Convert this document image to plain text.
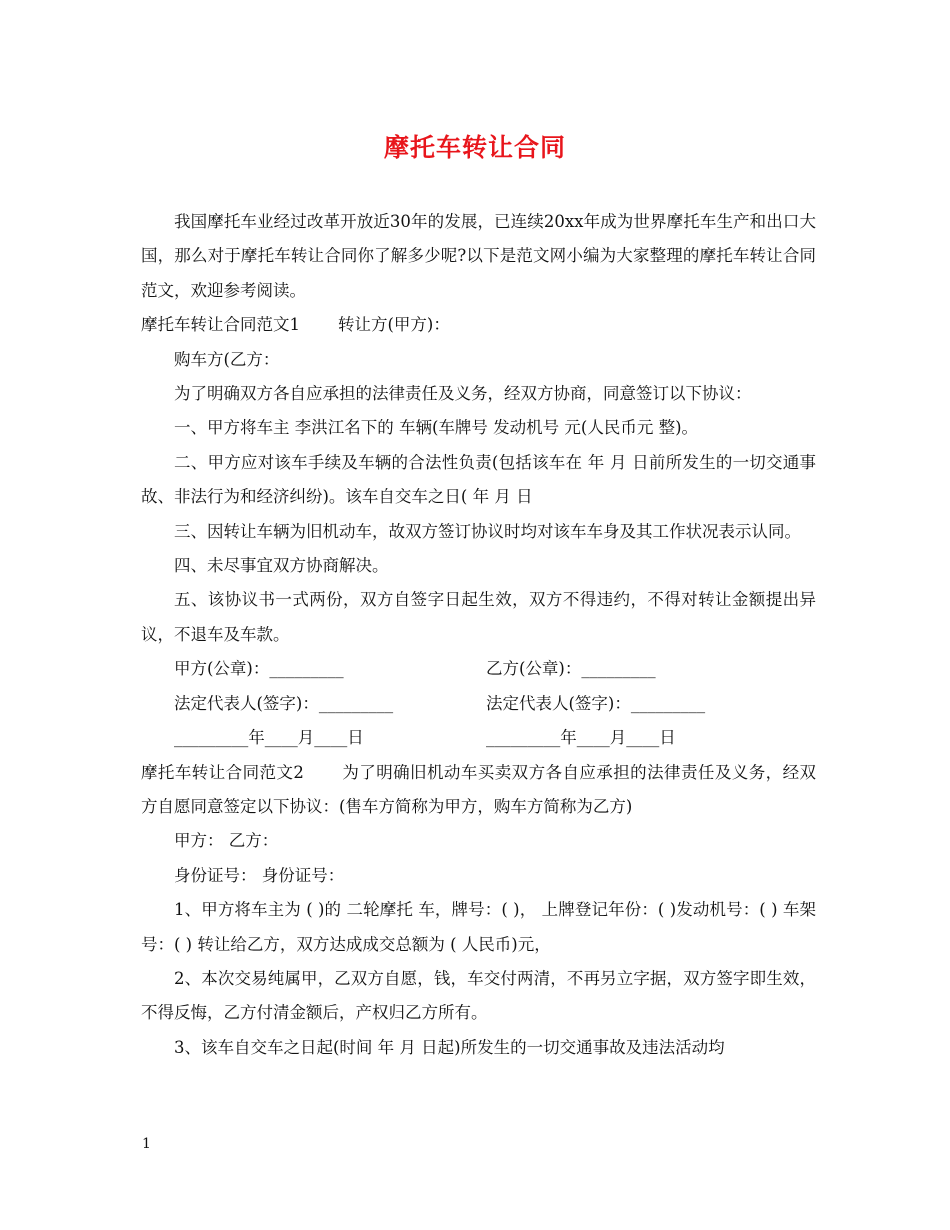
摩托车转让合同

我国摩托车业经过改革开放近30年的发展，已连续20xx年成为世界摩托车生产和出口大国，那么对于摩托车转让合同你了解多少呢?以下是范文网小编为大家整理的摩托车转让合同范文，欢迎参考阅读。

摩托车转让合同范文1 转让方(甲方)：

购车方(乙方：

为了明确双方各自应承担的法律责任及义务，经双方协商，同意签订以下协议：

一、甲方将车主 李洪江名下的 车辆(车牌号 发动机号 元(人民币元 整)。

二、甲方应对该车手续及车辆的合法性负责(包括该车在 年 月 日前所发生的一切交通事故、非法行为和经济纠纷)。该车自交车之日( 年 月 日

三、因转让车辆为旧机动车，故双方签订协议时均对该车车身及其工作状况表示认同。

四、未尽事宜双方协商解决。

五、该协议书一式两份，双方自签字日起生效，双方不得违约，不得对转让金额提出异议，不退车及车款。

甲方(公章)：_________	乙方(公章)：_________
法定代表人(签字)：_________	法定代表人(签字)：_________
_________年____月____日	_________年____月____日

摩托车转让合同范文2 为了明确旧机动车买卖双方各自应承担的法律责任及义务，经双方自愿同意签定以下协议：(售车方简称为甲方，购车方简称为乙方)

甲方： 乙方：

身份证号： 身份证号：

1、甲方将车主为 ( )的 二轮摩托 车，牌号：( )， 上牌登记年份：( )发动机号：( ) 车架号：( ) 转让给乙方，双方达成成交总额为 ( 人民币)元，

2、本次交易纯属甲，乙双方自愿，钱，车交付两清，不再另立字据，双方签字即生效，不得反悔，乙方付清金额后，产权归乙方所有。

3、该车自交车之日起(时间 年 月 日起)所发生的一切交通事故及违法活动均

1
